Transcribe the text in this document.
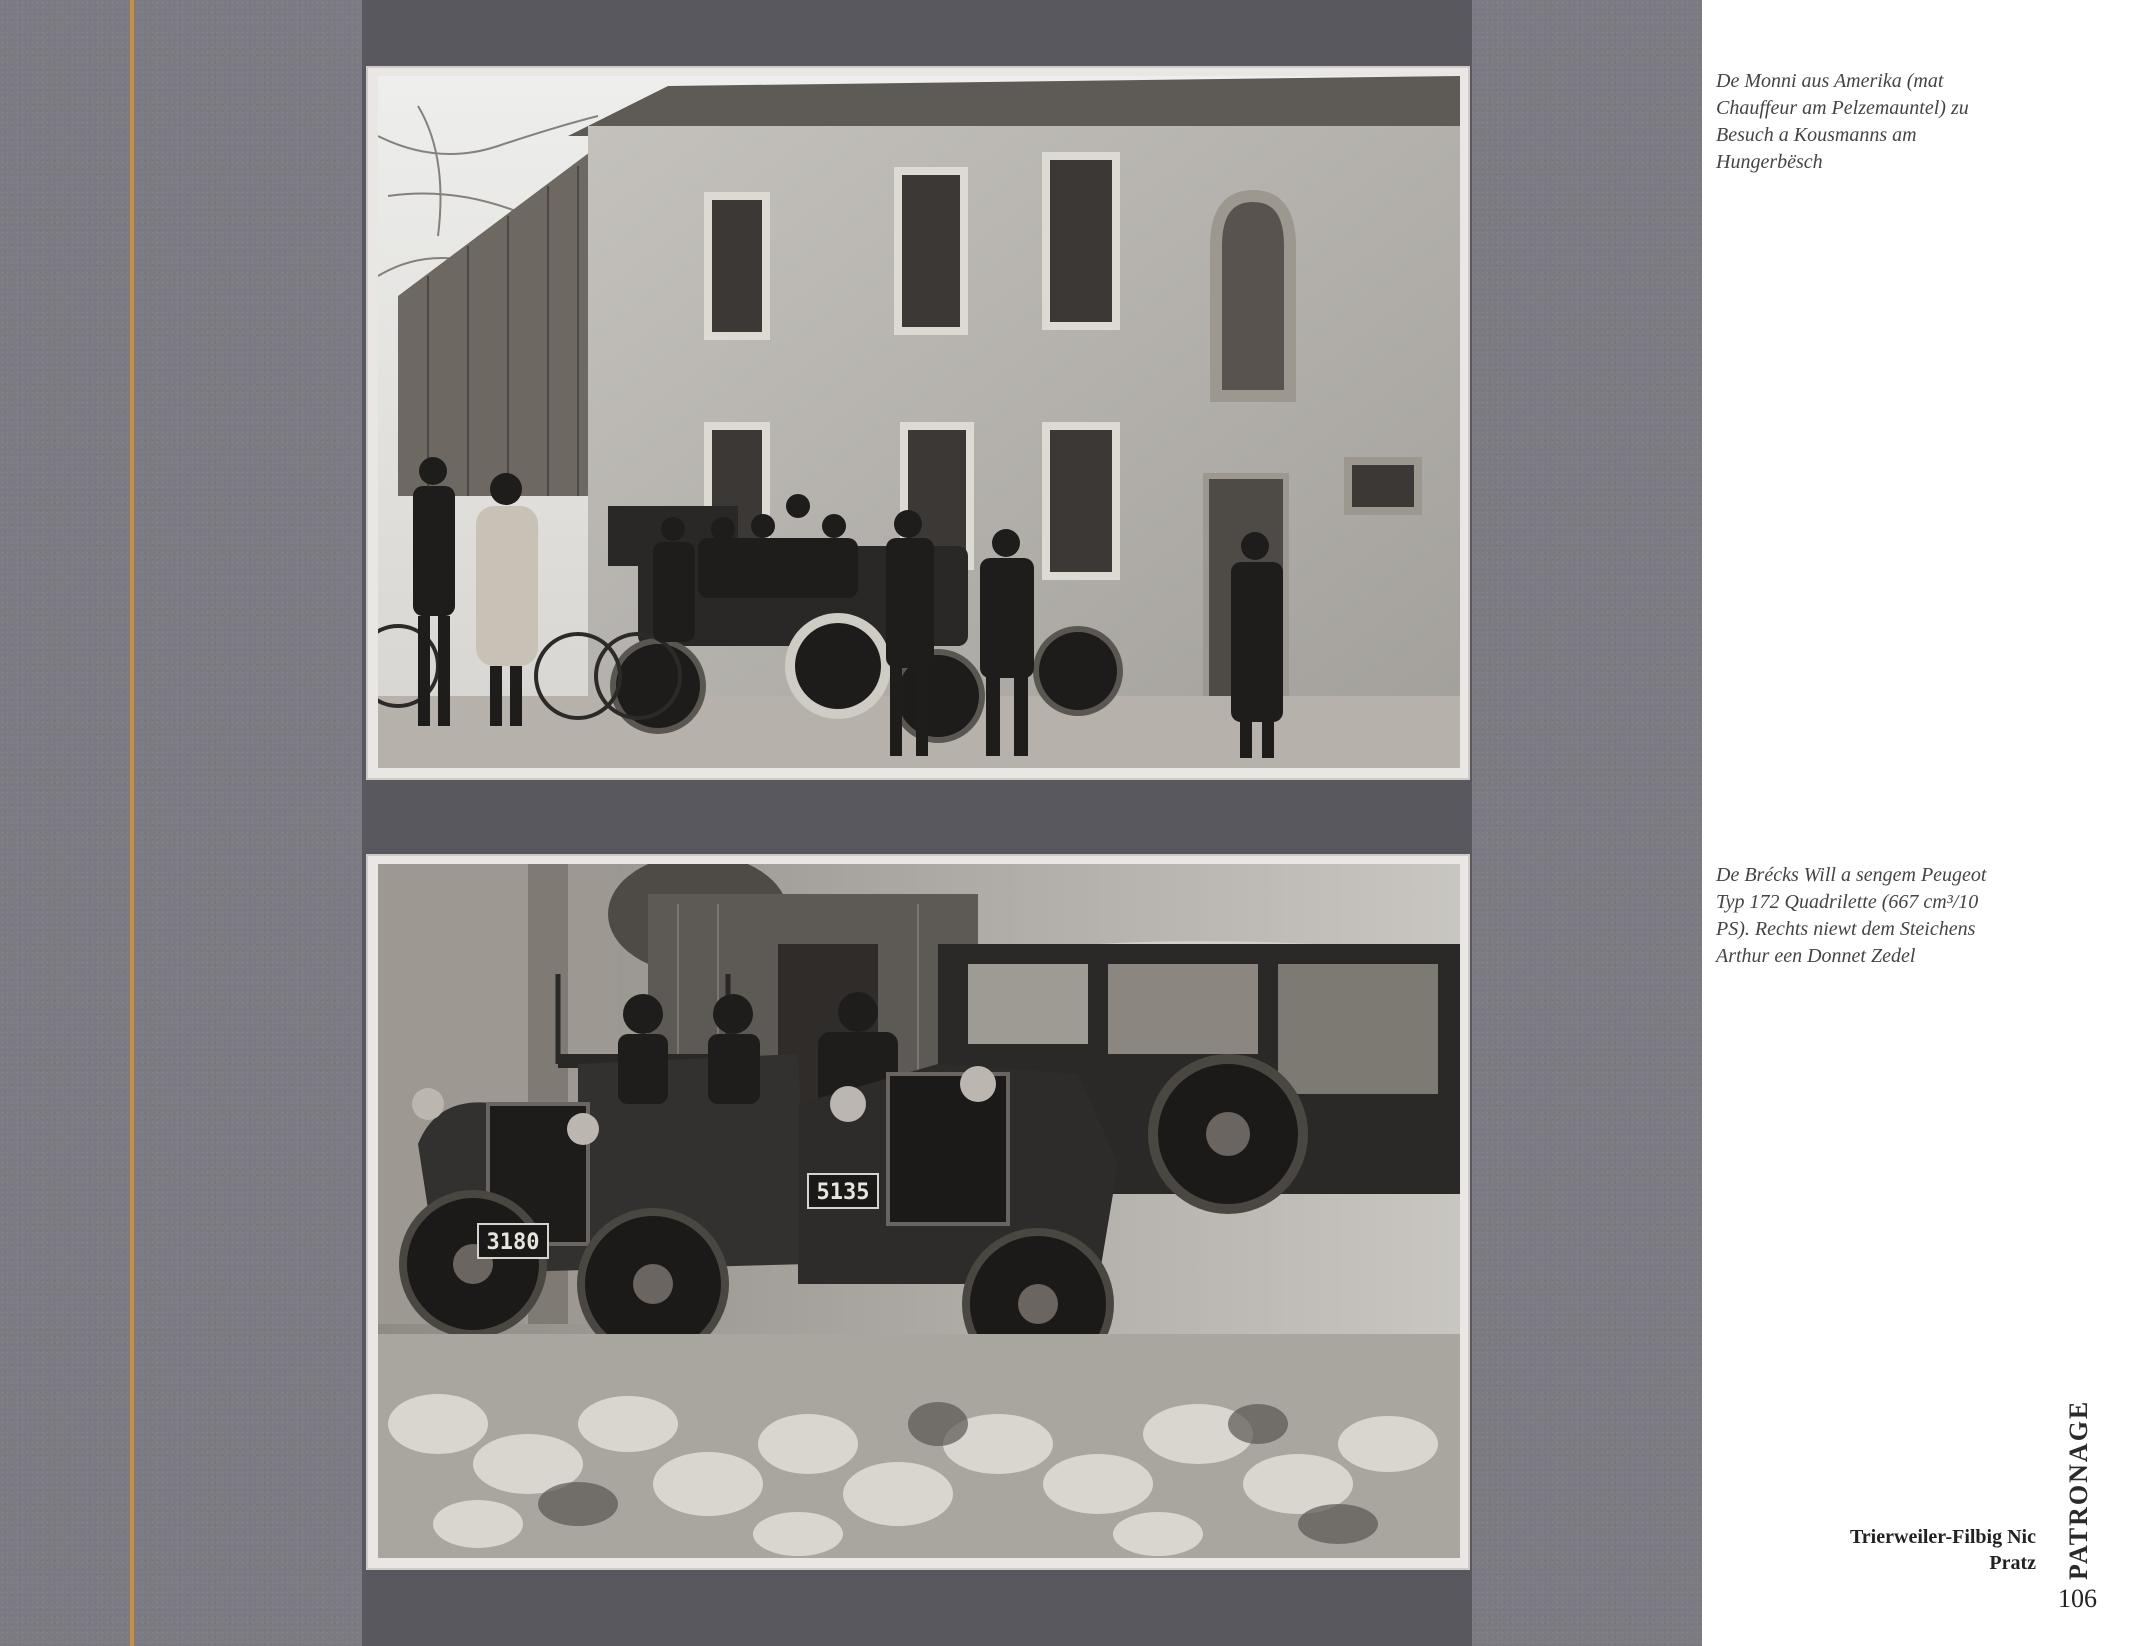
3180
5135
De Monni aus Amerika (mat
Chauffeur am Pelzemauntel) zu
Besuch a Kousmanns am
Hungerbësch
De Brécks Will a sengem Peugeot
Typ 172 Quadrilette (667 cm³/10
PS). Rechts niewt dem Steichens
Arthur een Donnet Zedel
Trierweiler-Filbig Nic
Pratz PATRONAGE
106
